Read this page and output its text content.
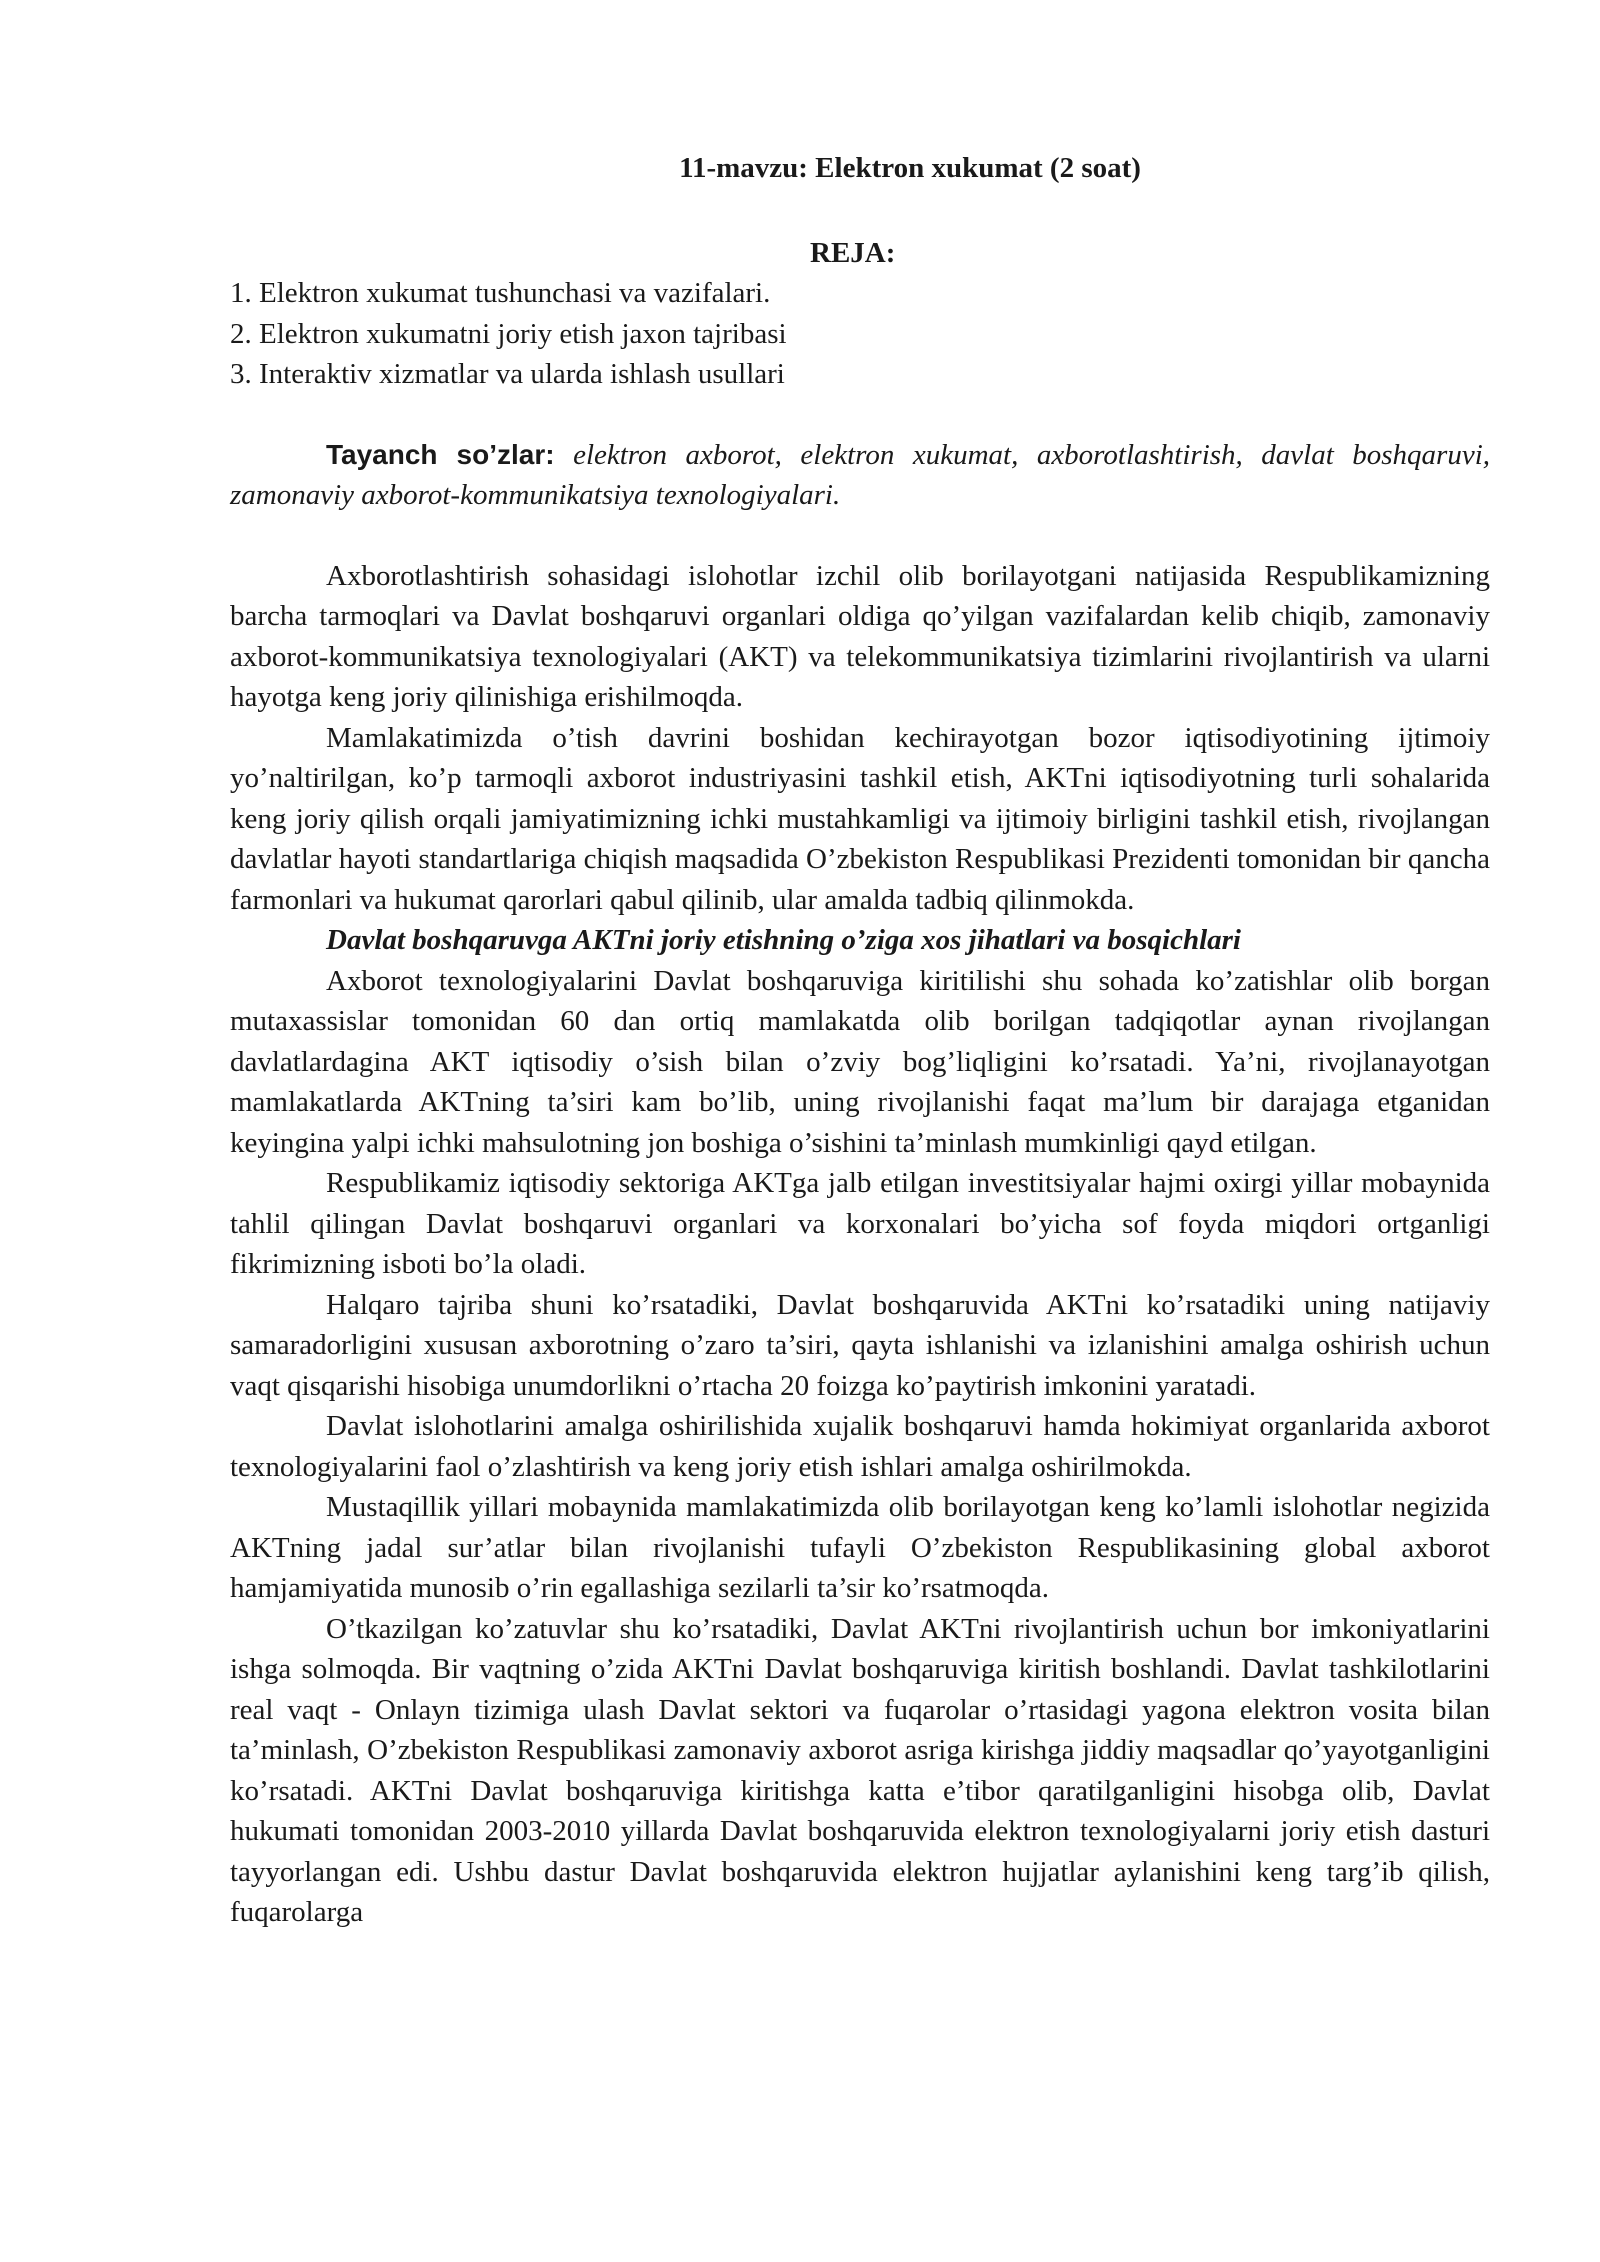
11-mavzu: Elektron xukumat (2 soat)

REJA:

1. Elektron xukumat tushunchasi va vazifalari.
2. Elektron xukumatni joriy etish jaxon tajribasi
3. Interaktiv xizmatlar va ularda ishlash usullari

Tayanch so’zlar: elektron axborot, elektron xukumat, axborotlashtirish, davlat boshqaruvi, zamonaviy axborot-kommunikatsiya texnologiyalari.

Axborotlashtirish sohasidagi islohotlar izchil olib borilayotgani natijasida Respublikamizning barcha tarmoqlari va Davlat boshqaruvi organlari oldiga qo’yilgan vazifalardan kelib chiqib, zamonaviy axborot-kommunikatsiya texnologiyalari (AKT) va telekommunikatsiya tizimlarini rivojlantirish va ularni hayotga keng joriy qilinishiga erishilmoqda.

Mamlakatimizda o’tish davrini boshidan kechirayotgan bozor iqtisodiyotining ijtimoiy yo’naltirilgan, ko’p tarmoqli axborot industriyasini tashkil etish, AKTni iqtisodiyotning turli sohalarida keng joriy qilish orqali jamiyatimizning ichki mustahkamligi va ijtimoiy birligini tashkil etish, rivojlangan davlatlar hayoti standartlariga chiqish maqsadida O’zbekiston Respublikasi Prezidenti tomonidan bir qancha farmonlari va hukumat qarorlari qabul qilinib, ular amalda tadbiq qilinmokda.

Davlat boshqaruvga AKTni joriy etishning o’ziga xos jihatlari va bosqichlari

Axborot texnologiyalarini Davlat boshqaruviga kiritilishi shu sohada ko’zatishlar olib borgan mutaxassislar tomonidan 60 dan ortiq mamlakatda olib borilgan tadqiqotlar aynan rivojlangan davlatlardagina AKT iqtisodiy o’sish bilan o’zviy bog’liqligini ko’rsatadi. Ya’ni, rivojlanayotgan mamlakatlarda AKTning ta’siri kam bo’lib, uning rivojlanishi faqat ma’lum bir darajaga etganidan keyingina yalpi ichki mahsulotning jon boshiga o’sishini ta’minlash mumkinligi qayd etilgan.

Respublikamiz iqtisodiy sektoriga AKTga jalb etilgan investitsiyalar hajmi oxirgi yillar mobaynida tahlil qilingan Davlat boshqaruvi organlari va korxonalari bo’yicha sof foyda miqdori ortganligi fikrimizning isboti bo’la oladi.

Halqaro tajriba shuni ko’rsatadiki, Davlat boshqaruvida AKTni ko’rsatadiki uning natijaviy samaradorligini xususan axborotning o’zaro ta’siri, qayta ishlanishi va izlanishini amalga oshirish uchun vaqt qisqarishi hisobiga unumdorlikni o’rtacha 20 foizga ko’paytirish imkonini yaratadi.

Davlat islohotlarini amalga oshirilishida xujalik boshqaruvi hamda hokimiyat organlarida axborot texnologiyalarini faol o’zlashtirish va keng joriy etish ishlari amalga oshirilmokda.

Mustaqillik yillari mobaynida mamlakatimizda olib borilayotgan keng ko’lamli islohotlar negizida AKTning jadal sur’atlar bilan rivojlanishi tufayli O’zbekiston Respublikasining global axborot hamjamiyatida munosib o’rin egallashiga sezilarli ta’sir ko’rsatmoqda.

O’tkazilgan ko’zatuvlar shu ko’rsatadiki, Davlat AKTni rivojlantirish uchun bor imkoniyatlarini ishga solmoqda. Bir vaqtning o’zida AKTni Davlat boshqaruviga kiritish boshlandi. Davlat tashkilotlarini real vaqt - Onlayn tizimiga ulash Davlat sektori va fuqarolar o’rtasidagi yagona elektron vosita bilan ta’minlash, O’zbekiston Respublikasi zamonaviy axborot asriga kirishga jiddiy maqsadlar qo’yayotganligini ko’rsatadi. AKTni Davlat boshqaruviga kiritishga katta e’tibor qaratilganligini hisobga olib, Davlat hukumati tomonidan 2003-2010 yillarda Davlat boshqaruvida elektron texnologiyalarni joriy etish dasturi tayyorlangan edi. Ushbu dastur Davlat boshqaruvida elektron hujjatlar aylanishini keng targ’ib qilish, fuqarolarga
